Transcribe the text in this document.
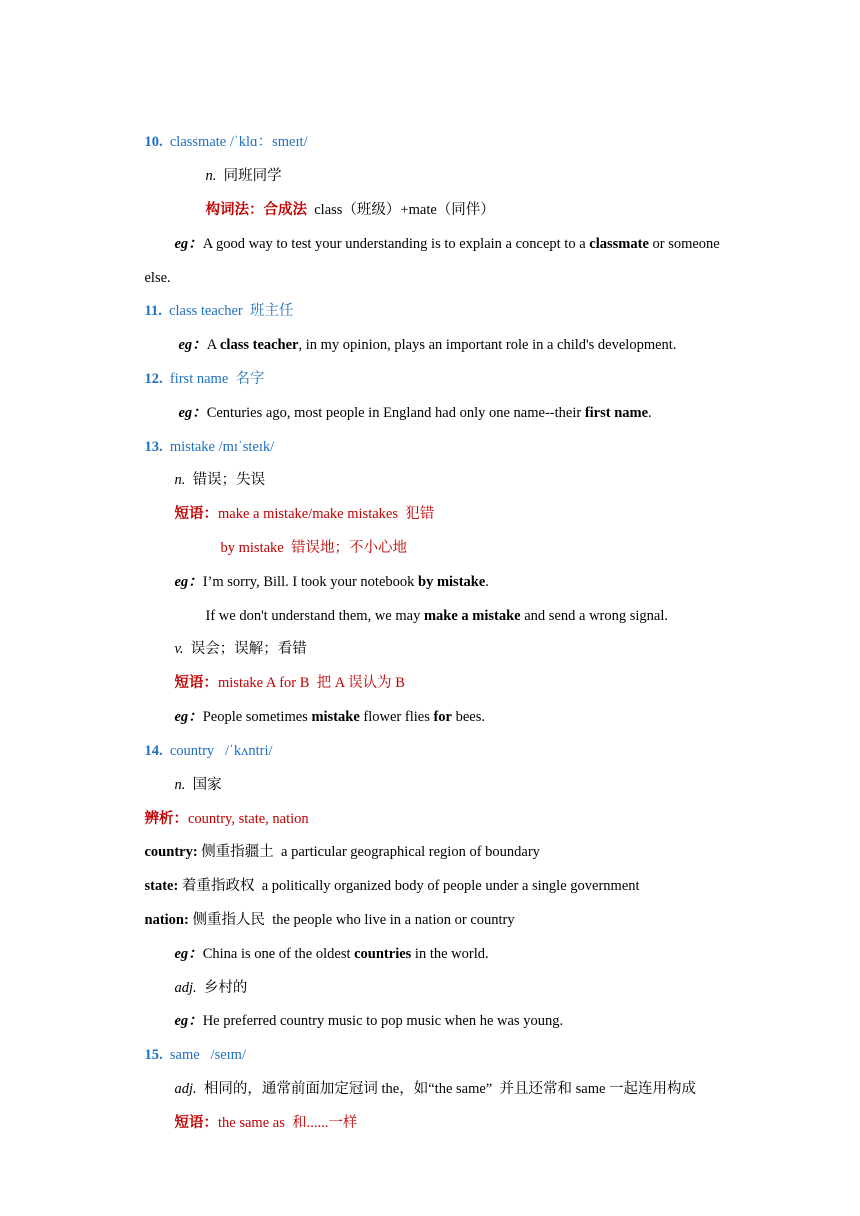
10. classmate /ˈklɑ：smeɪt/

n. 同班同学

构词法：合成法 class（班级）+mate（同伴）

eg：A good way to test your understanding is to explain a concept to a classmate or someone

else.

11. class teacher  班主任

eg：A class teacher, in my opinion, plays an important role in a child's development.

12. first name  名字

eg：Centuries ago, most people in England had only one name--their first name.

13. mistake /mɪˈsteɪk/

n. 错误；失误

短语：make a mistake/make mistakes  犯错

by mistake  错误地；不小心地

eg：I’m sorry, Bill. I took your notebook by mistake.

If we don't understand them, we may make a mistake and send a wrong signal.

v. 误会；误解；看错

短语：mistake A for B  把 A 误认为 B

eg：People sometimes mistake flower flies for bees.

14. country   /ˈkʌntri/

n. 国家

辨析：country, state, nation

country: 侧重指疆土  a particular geographical region of boundary

state: 着重指政权  a politically organized body of people under a single government

nation: 侧重指人民  the people who live in a nation or country

eg：China is one of the oldest countries in the world.

adj. 乡村的

eg：He preferred country music to pop music when he was young.

15. same   /seɪm/

adj. 相同的，通常前面加定冠词 the，如“the same”  并且还常和 same 一起连用构成

短语：the same as  和......一样
